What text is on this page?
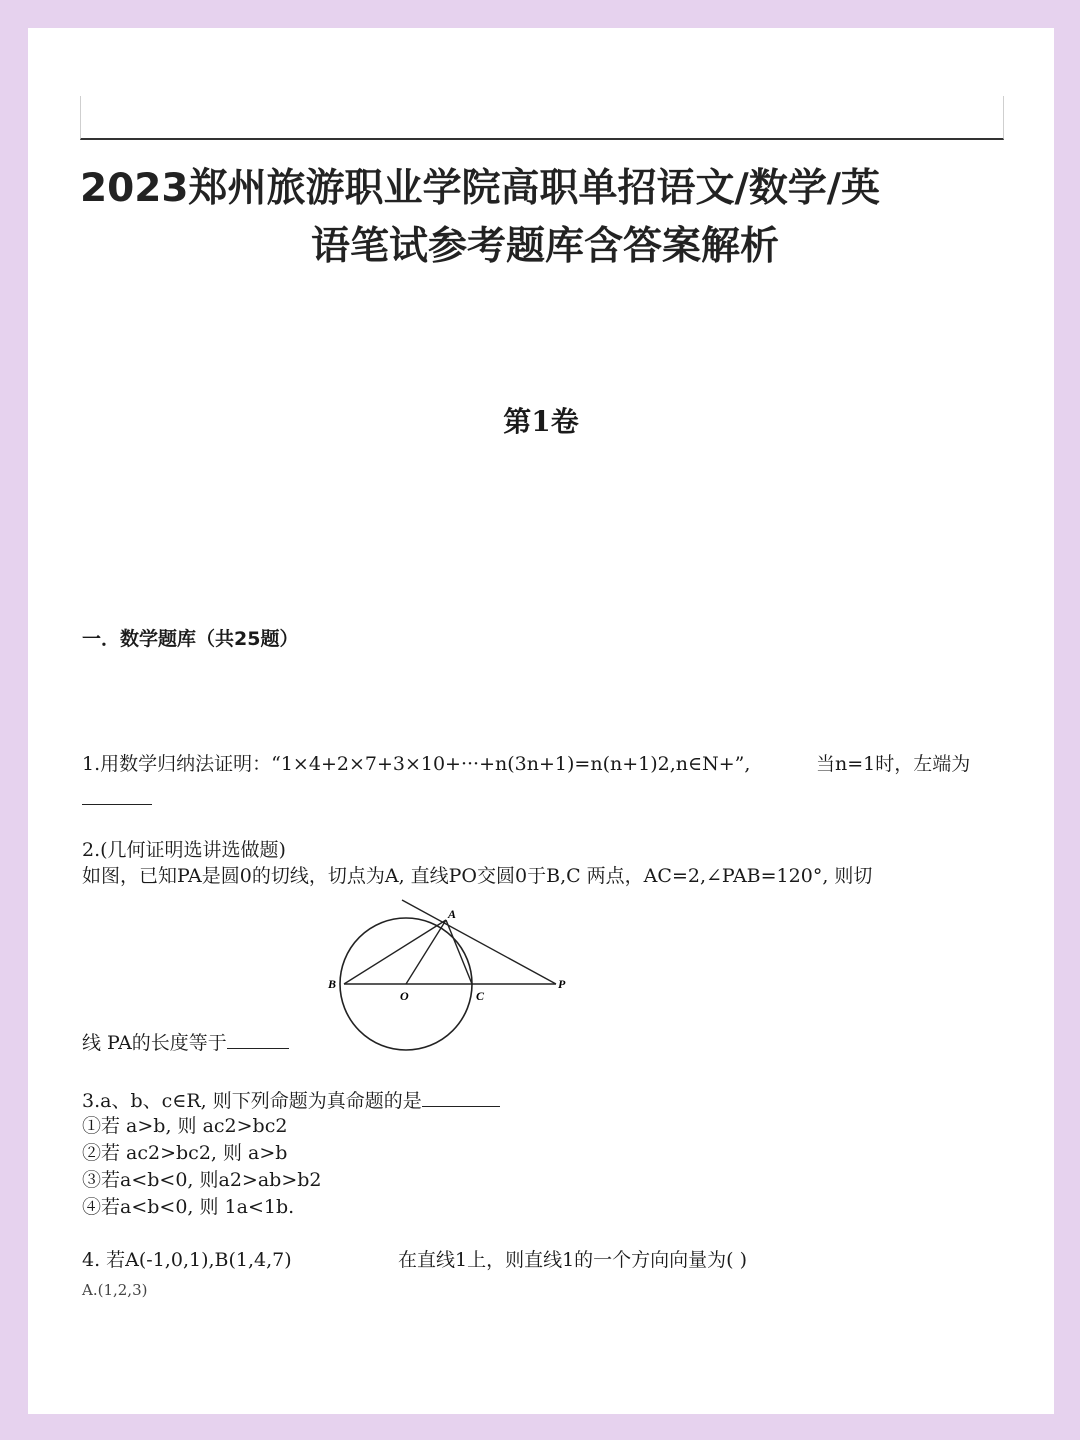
2023郑州旅游职业学院高职单招语文/数学/英
语笔试参考题库含答案解析
第1卷
一．数学题库（共25题）
1.用数学归纳法证明：“1×4+2×7+3×10+···+n(3n+1)=n(n+1)2,n∈N+”,	当n=1时，左端为
2.(几何证明选讲选做题)
如图，已知PA是圆0的切线，切点为A, 直线PO交圆0于B,C 两点，AC=2,∠PAB=120°, 则切
A
B
O	C
P
线 PA的长度等于
3.a、b、c∈R, 则下列命题为真命题的是
①若 a>b, 则 ac2>bc2
②若 ac2>bc2, 则 a>b
③若a<b<0, 则a2>ab>b2
④若a<b<0, 则 1a<1b.
4. 若A(-1,0,1),B(1,4,7)	在直线1上，则直线1的一个方向向量为( )
A.(1,2,3)
